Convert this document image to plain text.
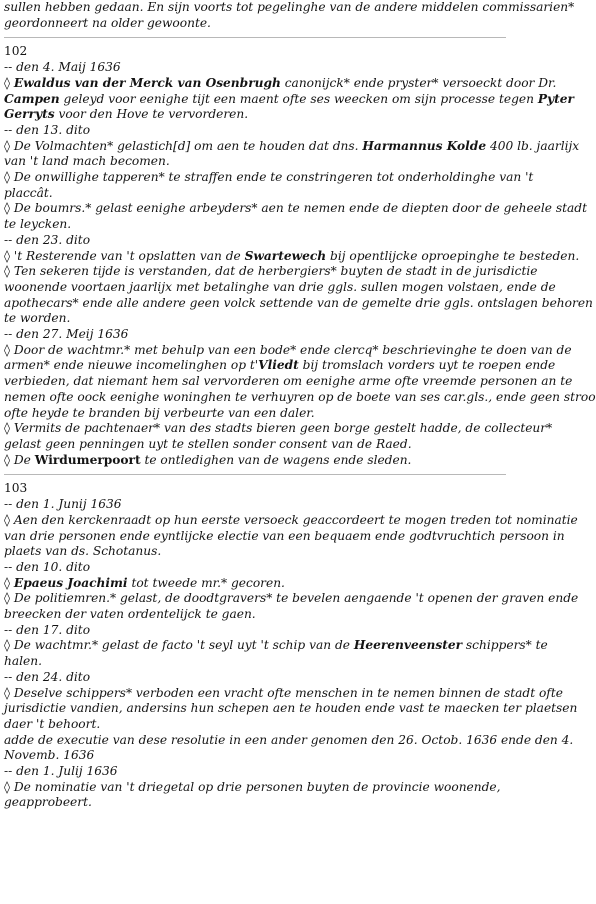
sullen hebben gedaan. En sijn voorts tot pegelinghe van de andere middelen commissarien*
geordonneert na older gewoonte.
102
-- den 4. Maij 1636
◊ Ewaldus van der Merck van Osenbrugh canonijck* ende pryster* versoeckt door Dr.
Campen geleyd voor eenighe tijt een maent ofte ses weecken om sijn processe tegen Pyter
Gerryts voor den Hove te vervorderen.
-- den 13. dito
◊ De Volmachten* gelastich[d] om aen te houden dat dns. Harmannus Kolde 400 lb. jaarlijx
van 't land mach becomen.
◊ De onwillighe tapperen* te straffen ende te constringeren tot onderholdinghe van 't
placcât.
◊ De boumrs.* gelast eenighe arbeyders* aen te nemen ende de diepten door de geheele stadt
te leycken.
-- den 23. dito
◊ 't Resterende van 't opslatten van de Swartewech bij opentlijcke oproepinghe te besteden.
◊ Ten sekeren tijde is verstanden, dat de herbergiers* buyten de stadt in de jurisdictie
woonende voortaen jaarlijx met betalinghe van drie ggls. sullen mogen volstaen, ende de
apothecars* ende alle andere geen volck settende van de gemelte drie ggls. ontslagen behoren
te worden.
-- den 27. Meij 1636
◊ Door de wachtmr.* met behulp van een bode* ende clercq* beschrievinghe te doen van de
armen* ende nieuwe incomelinghen op t'Vliedt bij tromslach vorders uyt te roepen ende
verbieden, dat niemant hem sal vervorderen om eenighe arme ofte vreemde personen an te
nemen ofte oock eenighe woninghen te verhuyren op de boete van ses car.gls., ende geen stroo
ofte heyde te branden bij verbeurte van een daler.
◊ Vermits de pachtenaer* van des stadts bieren geen borge gestelt hadde, de collecteur*
gelast geen penningen uyt te stellen sonder consent van de Raed.
◊ De Wirdumerpoort te ontledighen van de wagens ende sleden.
103
-- den 1. Junij 1636
◊ Aen den kerckenraadt op hun eerste versoeck geaccordeert te mogen treden tot nominatie
van drie personen ende eyntlijcke electie van een bequaem ende godtvruchtich persoon in
plaets van ds. Schotanus.
-- den 10. dito
◊ Epaeus Joachimi tot tweede mr.* gecoren.
◊ De politiemren.* gelast, de doodtgravers* te bevelen aengaende 't openen der graven ende
breecken der vaten ordentelijck te gaen.
-- den 17. dito
◊ De wachtmr.* gelast de facto 't seyl uyt 't schip van de Heerenveenster schippers* te
halen.
-- den 24. dito
◊ Deselve schippers* verboden een vracht ofte menschen in te nemen binnen de stadt ofte
jurisdictie vandien, andersins hun schepen aen te houden ende vast te maecken ter plaetsen
daer 't behoort.
adde de executie van dese resolutie in een ander genomen den 26. Octob. 1636 ende den 4.
Novemb. 1636
-- den 1. Julij 1636
◊ De nominatie van 't driegetal op drie personen buyten de provincie woonende,
geapprobeert.
